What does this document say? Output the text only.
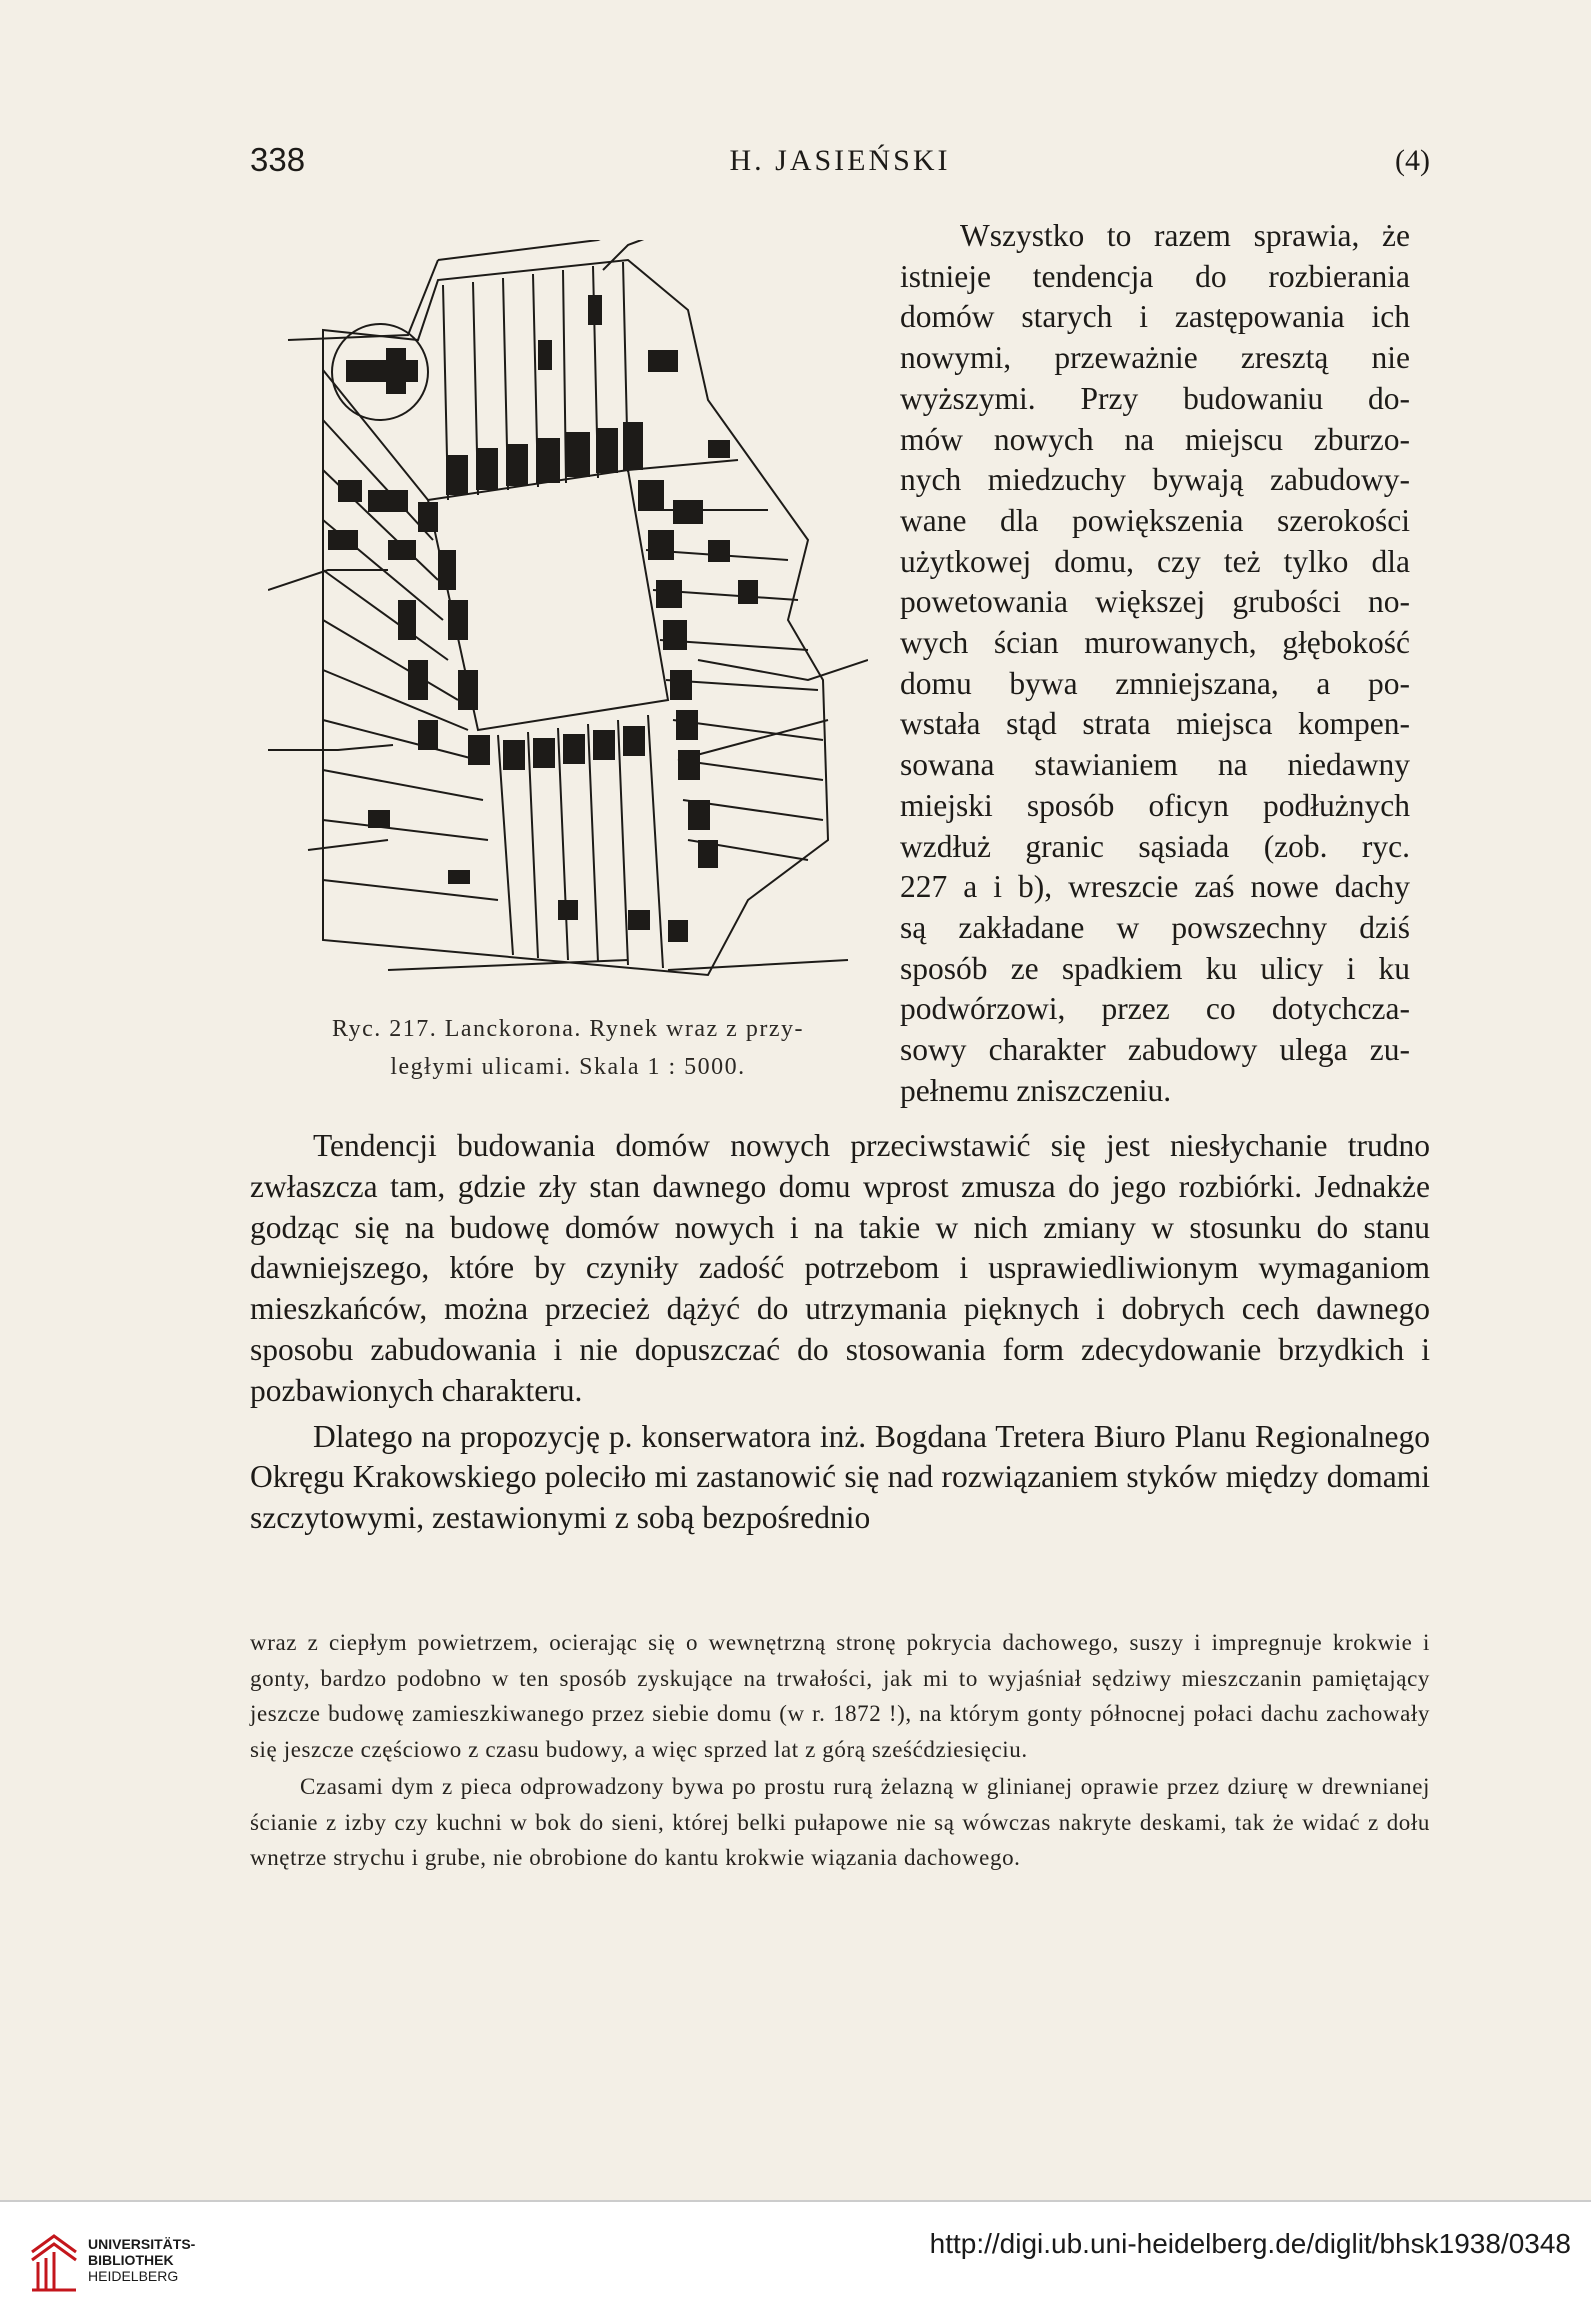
338	H. JASIEŃSKI	(4)
Ryc. 217. Lanckorona. Rynek wraz z przy-
ległymi ulicami. Skala 1 : 5000.
Wszystko to razem sprawia, że
istnieje tendencja do rozbierania
domów starych i zastępowania ich
nowymi, przeważnie zresztą nie
wyższymi. Przy budowaniu do-
mów nowych na miejscu zburzo-
nych miedzuchy bywają zabudowy-
wane dla powiększenia szerokości
użytkowej domu, czy też tylko dla
powetowania większej grubości no-
wych ścian murowanych, głębokość
domu bywa zmniejszana, a po-
wstała stąd strata miejsca kompen-
sowana stawianiem na niedawny
miejski sposób oficyn podłużnych
wzdłuż granic sąsiada (zob. ryc.
227 a i b), wreszcie zaś nowe dachy
są zakładane w powszechny dziś
sposób ze spadkiem ku ulicy i ku
podwórzowi, przez co dotychcza-
sowy charakter zabudowy ulega zu-
pełnemu zniszczeniu.

Tendencji budowania domów nowych przeciwstawić się jest niesłychanie trudno zwłaszcza tam, gdzie zły stan dawnego domu wprost zmusza do jego rozbiórki. Jednakże godząc się na budowę domów nowych i na takie w nich zmiany w stosunku do stanu dawniejszego, które by czyniły zadość potrzebom i usprawiedliwionym wymaganiom mieszkańców, można przecież dążyć do utrzymania pięknych i dobrych cech dawnego sposobu zabudowania i nie dopuszczać do stosowania form zdecydowanie brzydkich i pozbawionych charakteru.

Dlatego na propozycję p. konserwatora inż. Bogdana Tretera Biuro Planu Regionalnego Okręgu Krakowskiego poleciło mi zastanowić się nad rozwiązaniem styków między domami szczytowymi, zestawionymi z sobą bezpośrednio

wraz z ciepłym powietrzem, ocierając się o wewnętrzną stronę pokrycia dachowego, suszy i impregnuje krokwie i gonty, bardzo podobno w ten sposób zyskujące na trwałości, jak mi to wyjaśniał sędziwy mieszczanin pamiętający jeszcze budowę zamieszkiwanego przez siebie domu (w r. 1872 !), na którym gonty północnej połaci dachu zachowały się jeszcze częściowo z czasu budowy, a więc sprzed lat z górą sześćdziesięciu.

Czasami dym z pieca odprowadzony bywa po prostu rurą żelazną w glinianej oprawie przez dziurę w drewnianej ścianie z izby czy kuchni w bok do sieni, której belki pułapowe nie są wówczas nakryte deskami, tak że widać z dołu wnętrze strychu i grube, nie obrobione do kantu krokwie wiązania dachowego.

UNIVERSITÄTS-
BIBLIOTHEK
HEIDELBERG
http://digi.ub.uni-heidelberg.de/diglit/bhsk1938/0348
